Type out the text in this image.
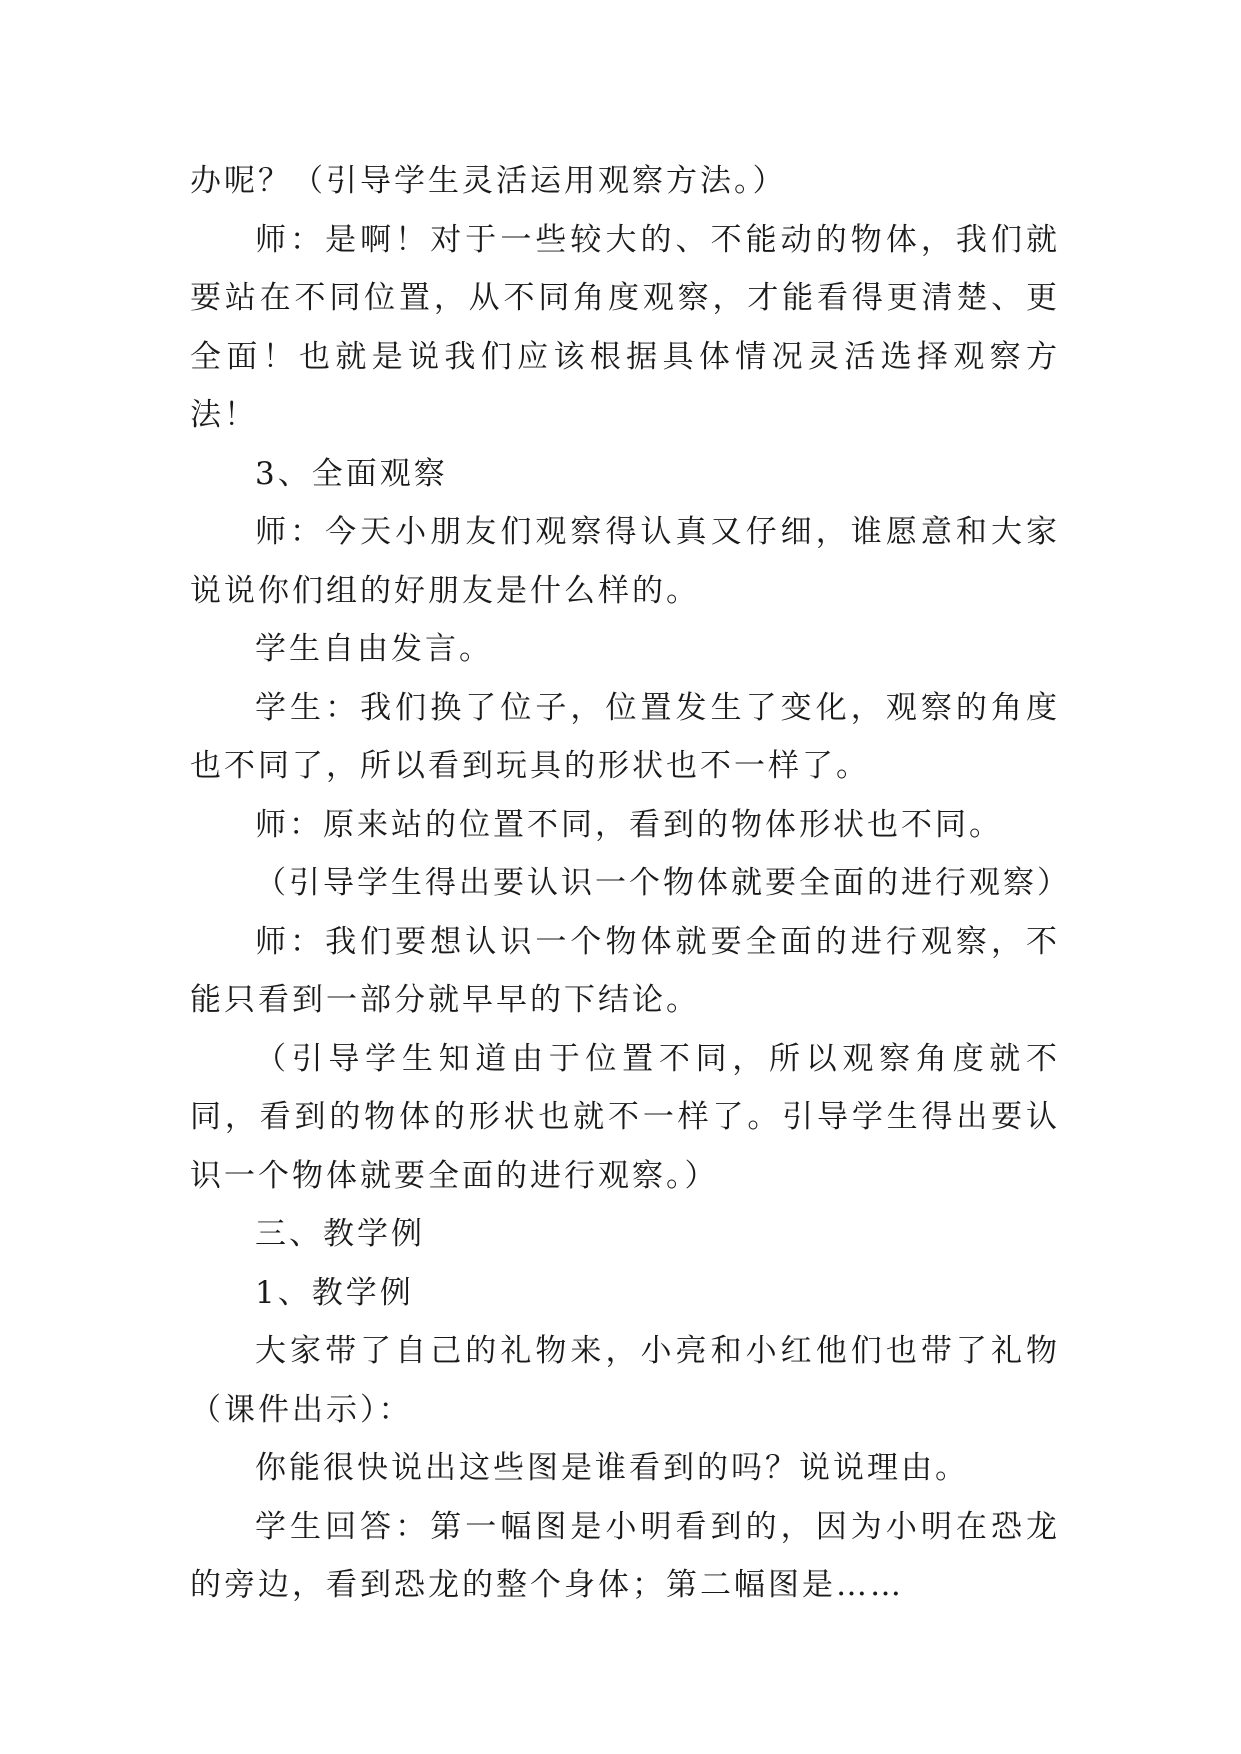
办呢？（引导学生灵活运用观察方法。）

师：是啊！对于一些较大的、不能动的物体，我们就要站在不同位置，从不同角度观察，才能看得更清楚、更全面！也就是说我们应该根据具体情况灵活选择观察方法！

3、全面观察

师：今天小朋友们观察得认真又仔细，谁愿意和大家说说你们组的好朋友是什么样的。

学生自由发言。

学生：我们换了位子，位置发生了变化，观察的角度也不同了，所以看到玩具的形状也不一样了。

师：原来站的位置不同，看到的物体形状也不同。

（引导学生得出要认识一个物体就要全面的进行观察）

师：我们要想认识一个物体就要全面的进行观察，不能只看到一部分就早早的下结论。

（引导学生知道由于位置不同，所以观察角度就不同，看到的物体的形状也就不一样了。引导学生得出要认识一个物体就要全面的进行观察。）

三、教学例

1、教学例

大家带了自己的礼物来，小亮和小红他们也带了礼物（课件出示）：

你能很快说出这些图是谁看到的吗？说说理由。

学生回答：第一幅图是小明看到的，因为小明在恐龙的旁边，看到恐龙的整个身体；第二幅图是……
